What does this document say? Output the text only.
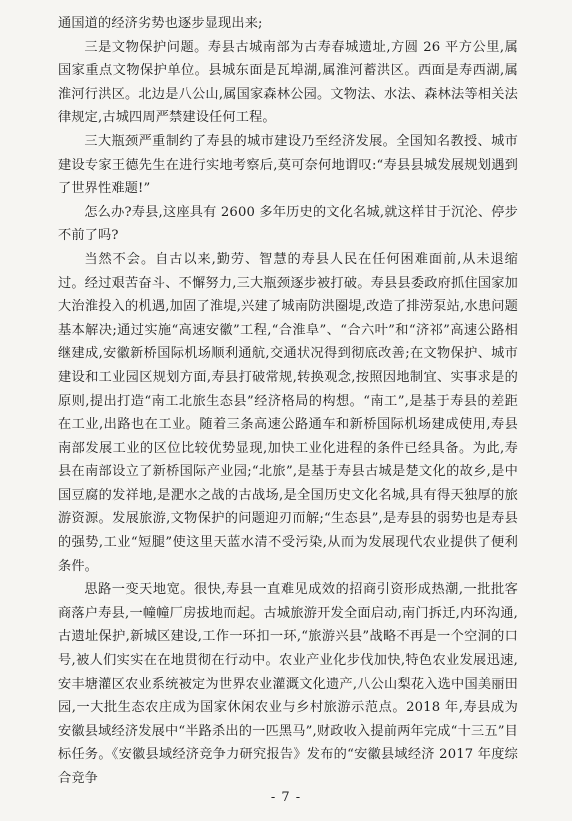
通国道的经济劣势也逐步显现出来;

三是文物保护问题。寿县古城南部为古寿春城遗址,方圆 26 平方公里,属国家重点文物保护单位。县城东面是瓦埠湖,属淮河蓄洪区。西面是寿西湖,属淮河行洪区。北边是八公山,属国家森林公园。文物法、水法、森林法等相关法律规定,古城四周严禁建设任何工程。

三大瓶颈严重制约了寿县的城市建设乃至经济发展。全国知名教授、城市建设专家王德先生在进行实地考察后,莫可奈何地谓叹:“寿县县城发展规划遇到了世界性难题!”

怎么办?寿县,这座具有 2600 多年历史的文化名城,就这样甘于沉沦、停步不前了吗?

当然不会。自古以来,勤劳、智慧的寿县人民在任何困难面前,从未退缩过。经过艰苦奋斗、不懈努力,三大瓶颈逐步被打破。寿县县委政府抓住国家加大治淮投入的机遇,加固了淮堤,兴建了城南防洪圈堤,改造了排涝泵站,水患问题基本解决;通过实施“高速安徽”工程,“合淮阜”、“合六叶”和“济祁”高速公路相继建成,安徽新桥国际机场顺利通航,交通状况得到彻底改善;在文物保护、城市建设和工业园区规划方面,寿县打破常规,转换观念,按照因地制宜、实事求是的原则,提出打造“南工北旅生态县”经济格局的构想。“南工”,是基于寿县的差距在工业,出路也在工业。随着三条高速公路通车和新桥国际机场建成使用,寿县南部发展工业的区位比较优势显现,加快工业化进程的条件已经具备。为此,寿县在南部设立了新桥国际产业园;“北旅”,是基于寿县古城是楚文化的故乡,是中国豆腐的发祥地,是淝水之战的古战场,是全国历史文化名城,具有得天独厚的旅游资源。发展旅游,文物保护的问题迎刃而解;“生态县”,是寿县的弱势也是寿县的强势,工业“短腿”使这里天蓝水清不受污染,从而为发展现代农业提供了便利条件。

思路一变天地宽。很快,寿县一直难见成效的招商引资形成热潮,一批批客商落户寿县,一幢幢厂房拔地而起。古城旅游开发全面启动,南门拆迁,内环沟通,古遗址保护,新城区建设,工作一环扣一环,“旅游兴县”战略不再是一个空洞的口号,被人们实实在在地贯彻在行动中。农业产业化步伐加快,特色农业发展迅速,安丰塘灌区农业系统被定为世界农业灌溉文化遗产,八公山梨花入选中国美丽田园,一大批生态农庄成为国家休闲农业与乡村旅游示范点。2018 年,寿县成为安徽县域经济发展中“半路杀出的一匹黑马”,财政收入提前两年完成“十三五”目标任务。《安徽县域经济竞争力研究报告》发布的“安徽县域经济 2017 年度综合竞争

- 7 -
